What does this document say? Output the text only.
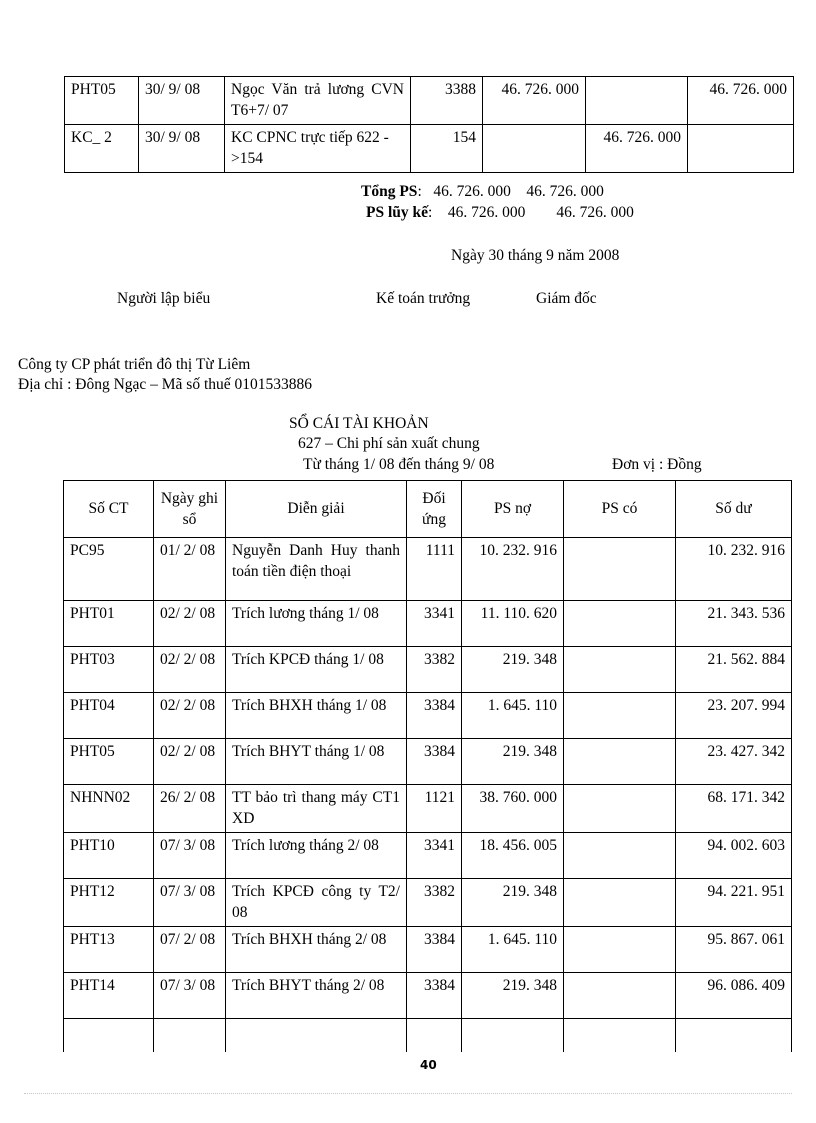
PHT05	30/ 9/ 08	Ngọc Văn trả lương CVN T6+7/ 07	3388	46. 726. 000		46. 726. 000
KC_ 2	30/ 9/ 08	KC CPNC trực tiếp 622 - >154	154		46. 726. 000	
Tổng PS:   46. 726. 000    46. 726. 000
PS lũy kế:    46. 726. 000        46. 726. 000
Ngày 30 tháng 9 năm 2008
Người lập biểu	Kế toán trưởng	Giám đốc
Công ty CP phát triển đô thị Từ Liêm
Địa chỉ : Đông Ngạc – Mã số thuế 0101533886
SỔ CÁI TÀI KHOẢN
627 – Chi phí sản xuất chung
Từ tháng 1/ 08 đến tháng 9/ 08	Đơn vị : Đồng
Số CT	Ngày ghi sổ	Diễn giải	Đối ứng	PS nợ	PS có	Số dư
PC95	01/ 2/ 08	Nguyễn Danh Huy thanh toán tiền điện thoại	1111	10. 232. 916		10. 232. 916
PHT01	02/ 2/ 08	Trích lương tháng 1/ 08	3341	11. 110. 620		21. 343. 536
PHT03	02/ 2/ 08	Trích KPCĐ tháng 1/ 08	3382	219. 348		21. 562. 884
PHT04	02/ 2/ 08	Trích BHXH tháng 1/ 08	3384	1. 645. 110		23. 207. 994
PHT05	02/ 2/ 08	Trích BHYT tháng 1/ 08	3384	219. 348		23. 427. 342
NHNN02	26/ 2/ 08	TT bảo trì thang máy CT1 XD	1121	38. 760. 000		68. 171. 342
PHT10	07/ 3/ 08	Trích lương tháng 2/ 08	3341	18. 456. 005		94. 002. 603
PHT12	07/ 3/ 08	Trích KPCĐ công ty T2/ 08	3382	219. 348		94. 221. 951
PHT13	07/ 2/ 08	Trích BHXH tháng 2/ 08	3384	1. 645. 110		95. 867. 061
PHT14	07/ 3/ 08	Trích BHYT tháng 2/ 08	3384	219. 348		96. 086. 409

40
